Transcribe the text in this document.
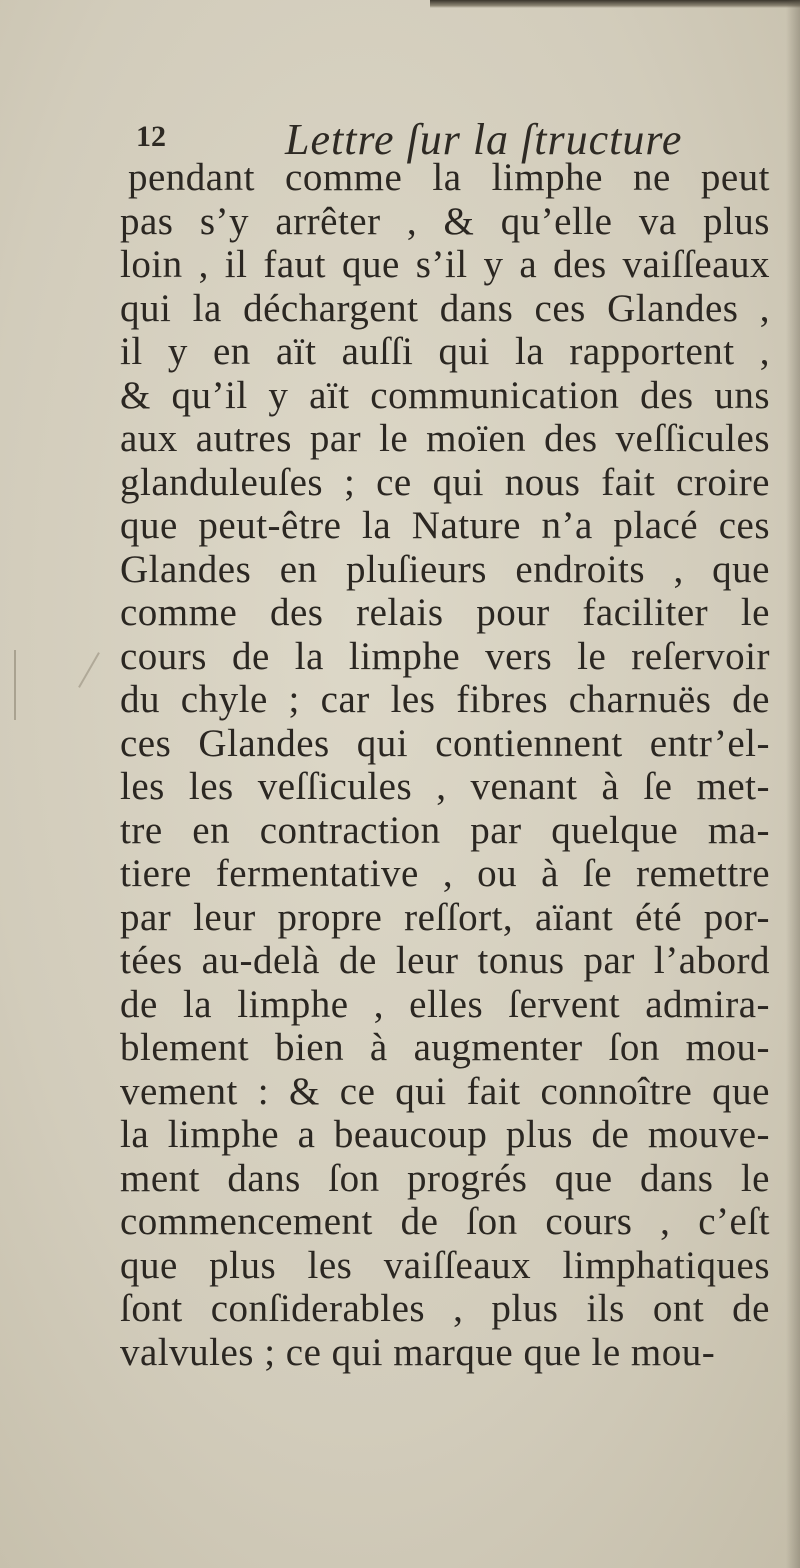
12	Lettre ſur la ſtructure
pendant comme la limphe ne peut
pas s’y arrêter , & qu’elle va plus
loin , il faut que s’il y a des vaiſſeaux
qui la déchargent dans ces Glandes ,
il y en aït auſſi qui la rapportent ,
& qu’il y aït communication des uns
aux autres par le moïen des veſſicules
glanduleuſes ; ce qui nous fait croire
que peut-être la Nature n’a placé ces
Glandes en pluſieurs endroits , que
comme des relais pour faciliter le
cours de la limphe vers le reſervoir
du chyle ; car les fibres charnuës de
ces Glandes qui contiennent entr’el-
les les veſſicules , venant à ſe met-
tre en contraction par quelque ma-
tiere fermentative , ou à ſe remettre
par leur propre reſſort, aïant été por-
tées au-delà de leur tonus par l’abord
de la limphe , elles ſervent admira-
blement bien à augmenter ſon mou-
vement : & ce qui fait connoître que
la limphe a beaucoup plus de mouve-
ment dans ſon progrés que dans le
commencement de ſon cours , c’eſt
que plus les vaiſſeaux limphatiques
ſont conſiderables , plus ils ont de
valvules ; ce qui marque que le mou-
